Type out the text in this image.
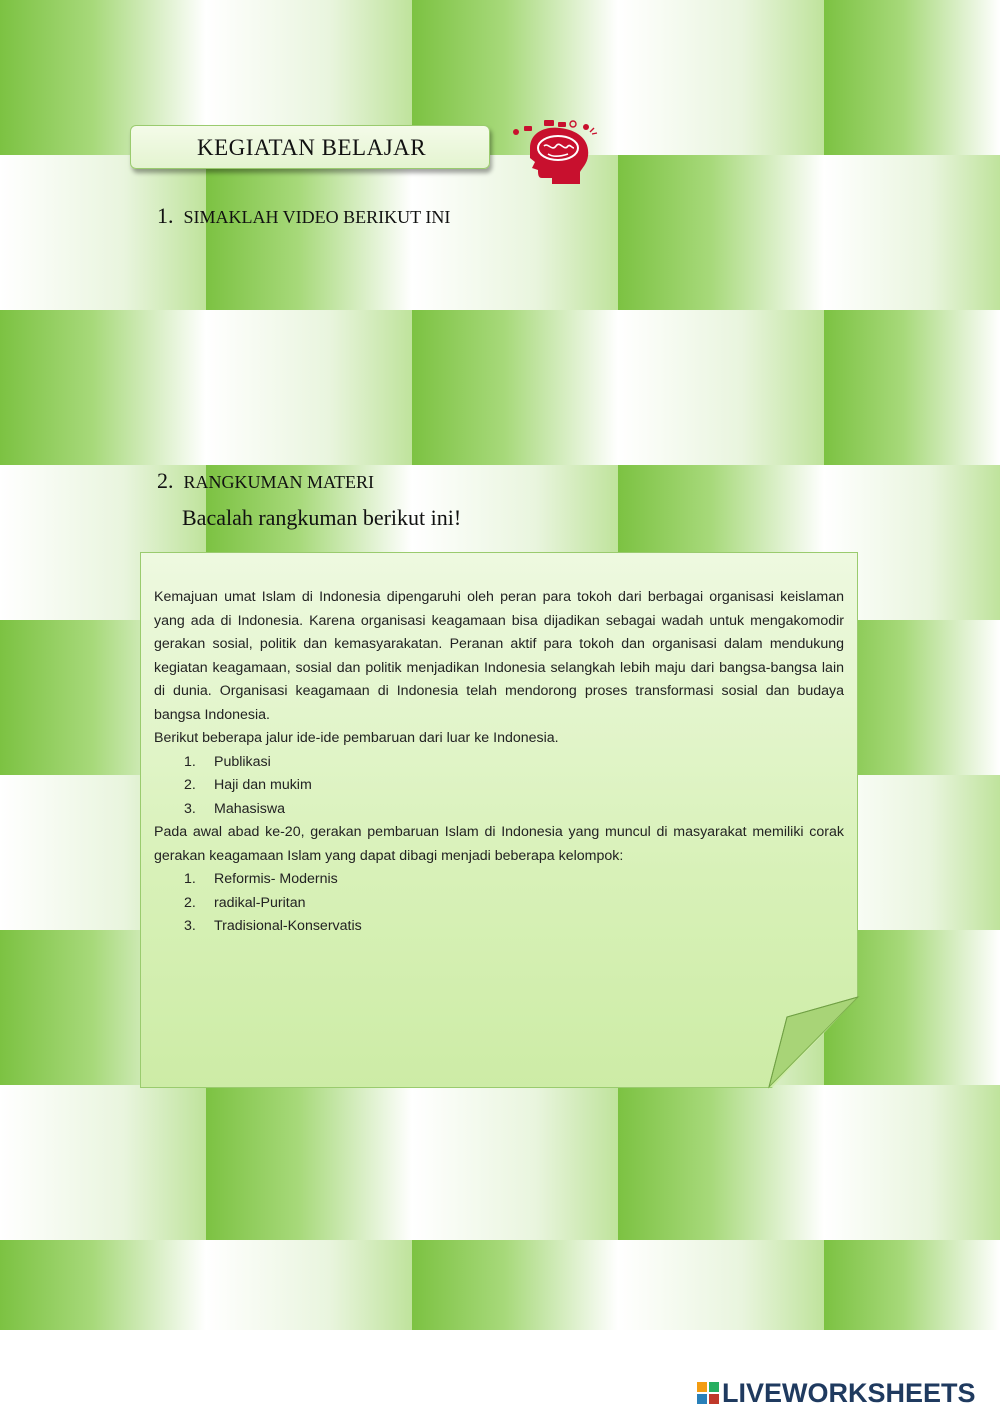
KEGIATAN BELAJAR
1. SIMAKLAH VIDEO BERIKUT INI
2. RANGKUMAN MATERI
Bacalah rangkuman berikut ini!

Kemajuan umat Islam di Indonesia dipengaruhi oleh peran para tokoh dari berbagai organisasi keislaman yang ada di Indonesia. Karena organisasi keagamaan bisa dijadikan sebagai wadah untuk mengakomodir gerakan sosial, politik dan kemasyarakatan. Peranan aktif para tokoh dan organisasi dalam mendukung kegiatan keagamaan, sosial dan politik menjadikan Indonesia selangkah lebih maju dari bangsa-bangsa lain di dunia. Organisasi keagamaan di Indonesia telah mendorong proses transformasi sosial dan budaya bangsa Indonesia.

Berikut beberapa jalur ide-ide pembaruan dari luar ke Indonesia.

1. Publikasi
2. Haji dan mukim
3. Mahasiswa

Pada awal abad ke-20, gerakan pembaruan Islam di Indonesia yang muncul di masyarakat memiliki corak gerakan keagamaan Islam yang dapat dibagi menjadi beberapa kelompok:

1. Reformis- Modernis
2. radikal-Puritan
3. Tradisional-Konservatis
LIVEWORKSHEETS
